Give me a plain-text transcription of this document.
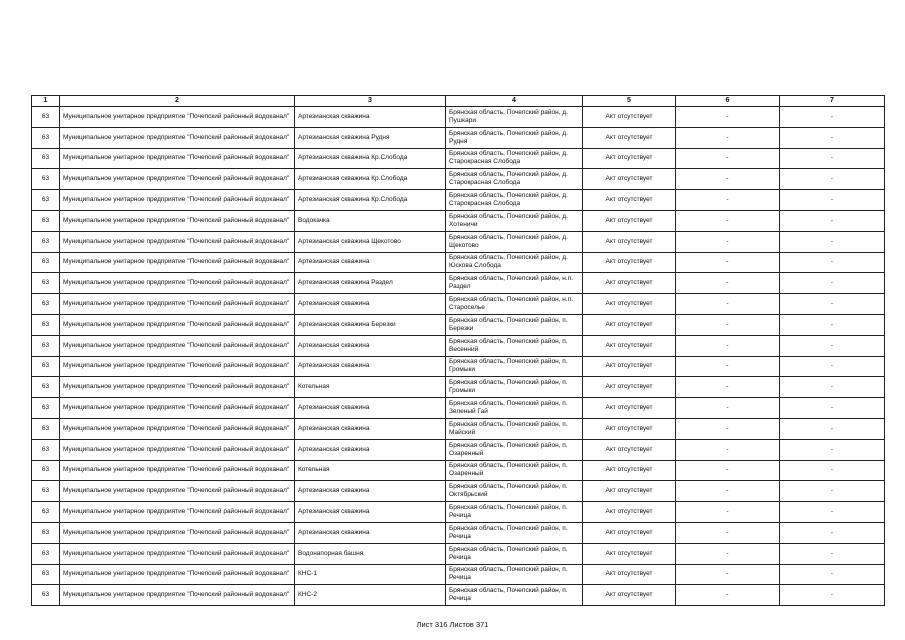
1	2	3	4	5	6	7
63	Муниципальное унитарное предприятие "Почепский районный водоканал"	Артезианская скважина	Брянская область, Почепский район, д. Пушкари	Акт отсутствует	-	-
63	Муниципальное унитарное предприятие "Почепский районный водоканал"	Артезианская скважина Рудня	Брянская область, Почепский район, д. Рудня	Акт отсутствует	-	-
63	Муниципальное унитарное предприятие "Почепский районный водоканал"	Артезианская скважина Кр.Слобода	Брянская область, Почепский район, д. Старокрасная Слобода	Акт отсутствует	-	-
63	Муниципальное унитарное предприятие "Почепский районный водоканал"	Артезианская скважина Кр.Слобода	Брянская область, Почепский район, д. Старокрасная Слобода	Акт отсутствует	-	-
63	Муниципальное унитарное предприятие "Почепский районный водоканал"	Артезианская скважина Кр.Слобода	Брянская область, Почепский район, д. Старокрасная Слобода	Акт отсутствует	-	-
63	Муниципальное унитарное предприятие "Почепский районный водоканал"	Водокачка	Брянская область, Почепский район, д. Хотеничи	Акт отсутствует	-	-
63	Муниципальное унитарное предприятие "Почепский районный водоканал"	Артезианская скважина Щекотово	Брянская область, Почепский район, д. Щекотово	Акт отсутствует	-	-
63	Муниципальное унитарное предприятие "Почепский районный водоканал"	Артезианская скважина	Брянская область, Почепский район, д. Юскова Слобода	Акт отсутствует	-	-
63	Муниципальное унитарное предприятие "Почепский районный водоканал"	Артезианская скважина Раздел	Брянская область, Почепский район, н.п. Раздел	Акт отсутствует	-	-
63	Муниципальное унитарное предприятие "Почепский районный водоканал"	Артезианская скважина	Брянская область, Почепский район, н.п. Староселье	Акт отсутствует	-	-
63	Муниципальное унитарное предприятие "Почепский районный водоканал"	Артезианская скважина Березки	Брянская область, Почепский район, п. Березки	Акт отсутствует	-	-
63	Муниципальное унитарное предприятие "Почепский районный водоканал"	Артезианская скважина	Брянская область, Почепский район, п. Весенний	Акт отсутствует	-	-
63	Муниципальное унитарное предприятие "Почепский районный водоканал"	Артезианская скважина	Брянская область, Почепский район, п. Громыки	Акт отсутствует	-	-
63	Муниципальное унитарное предприятие "Почепский районный водоканал"	Котельная	Брянская область, Почепский район, п. Громыки	Акт отсутствует	-	-
63	Муниципальное унитарное предприятие "Почепский районный водоканал"	Артезианская скважина	Брянская область, Почепский район, п. Зеленый Гай	Акт отсутствует	-	-
63	Муниципальное унитарное предприятие "Почепский районный водоканал"	Артезианская скважина	Брянская область, Почепский район, п. Майский	Акт отсутствует	-	-
63	Муниципальное унитарное предприятие "Почепский районный водоканал"	Артезианская скважина	Брянская область, Почепский район, п. Озаренный	Акт отсутствует	-	-
63	Муниципальное унитарное предприятие "Почепский районный водоканал"	Котельная	Брянская область, Почепский район, п. Озаренный	Акт отсутствует	-	-
63	Муниципальное унитарное предприятие "Почепский районный водоканал"	Артезианская скважина	Брянская область, Почепский район, п. Октябрьский	Акт отсутствует	-	-
63	Муниципальное унитарное предприятие "Почепский районный водоканал"	Артезианская скважина	Брянская область, Почепский район, п. Речица	Акт отсутствует	-	-
63	Муниципальное унитарное предприятие "Почепский районный водоканал"	Артезианская скважина	Брянская область, Почепский район, п. Речица	Акт отсутствует	-	-
63	Муниципальное унитарное предприятие "Почепский районный водоканал"	Водонапорная башня	Брянская область, Почепский район, п. Речица	Акт отсутствует	-	-
63	Муниципальное унитарное предприятие "Почепский районный водоканал"	КНС-1	Брянская область, Почепский район, п. Речица	Акт отсутствует	-	-
63	Муниципальное унитарное предприятие "Почепский районный водоканал"	КНС-2	Брянская область, Почепский район, п. Речица	Акт отсутствует	-	-
Лист 316 Листов 371
